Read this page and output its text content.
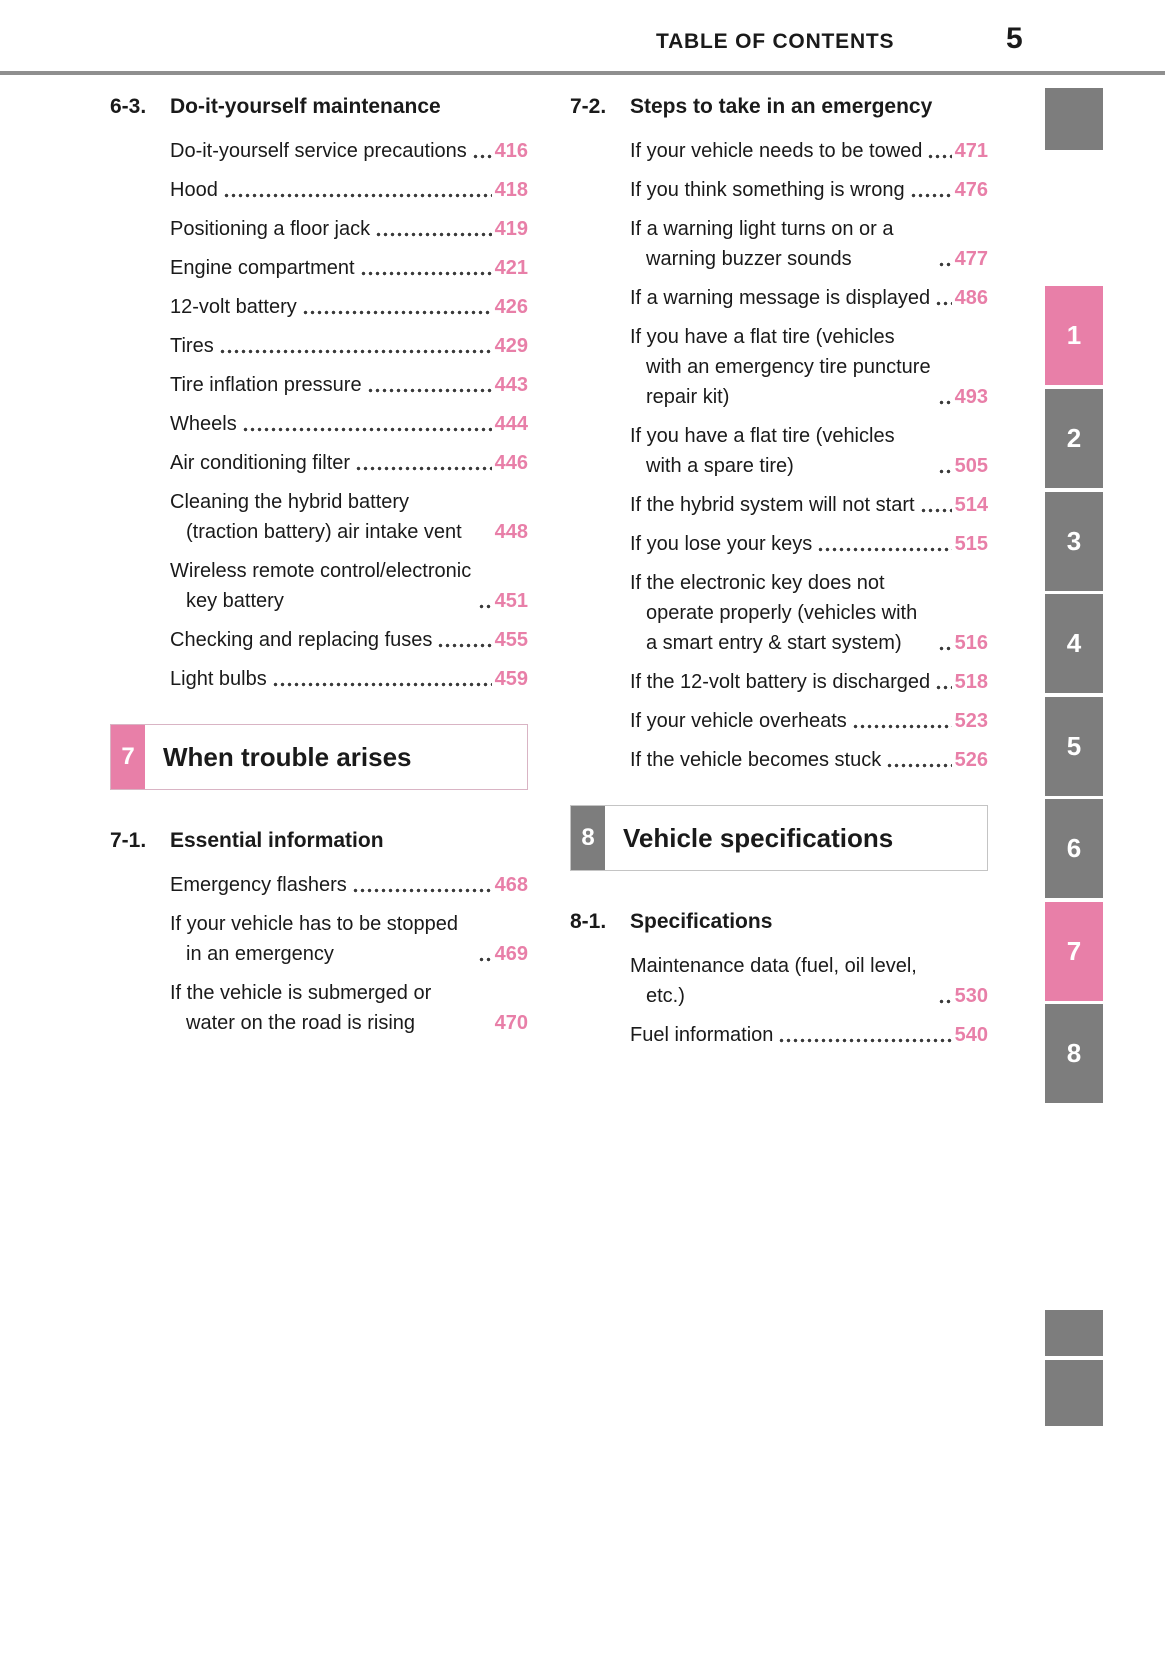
TABLE OF CONTENTS	5
6-3.	Do-it-yourself maintenance
Do-it-yourself service precautions 416
Hood	418
Positioning a floor jack	419
Engine compartment	421
12-volt battery	426
Tires	429
Tire inflation pressure	443
Wheels	444
Air conditioning filter	446
Cleaning the hybrid battery (traction battery) air intake vent	448
Wireless remote control/electronic key battery	451
Checking and replacing fuses	455
Light bulbs	459
7	When trouble arises
7-1.	Essential information
Emergency flashers	468
If your vehicle has to be stopped in an emergency	469
If the vehicle is submerged or water on the road is rising	470
7-2.	Steps to take in an emergency
If your vehicle needs to be towed 471
If you think something is wrong	476
If a warning light turns on or a warning buzzer sounds	477
If a warning message is displayed 486
If you have a flat tire (vehicles with an emergency tire puncture repair kit)	493
If you have a flat tire (vehicles with a spare tire)	505
If the hybrid system will not start 514
If you lose your keys	515
If the electronic key does not operate properly (vehicles with a smart entry & start system)	516
If the 12-volt battery is discharged 518
If your vehicle overheats	523
If the vehicle becomes stuck	526
8	Vehicle specifications
8-1.	Specifications
Maintenance data (fuel, oil level, etc.)	530
Fuel information	540
1
2
3
4
5
6
7
8
